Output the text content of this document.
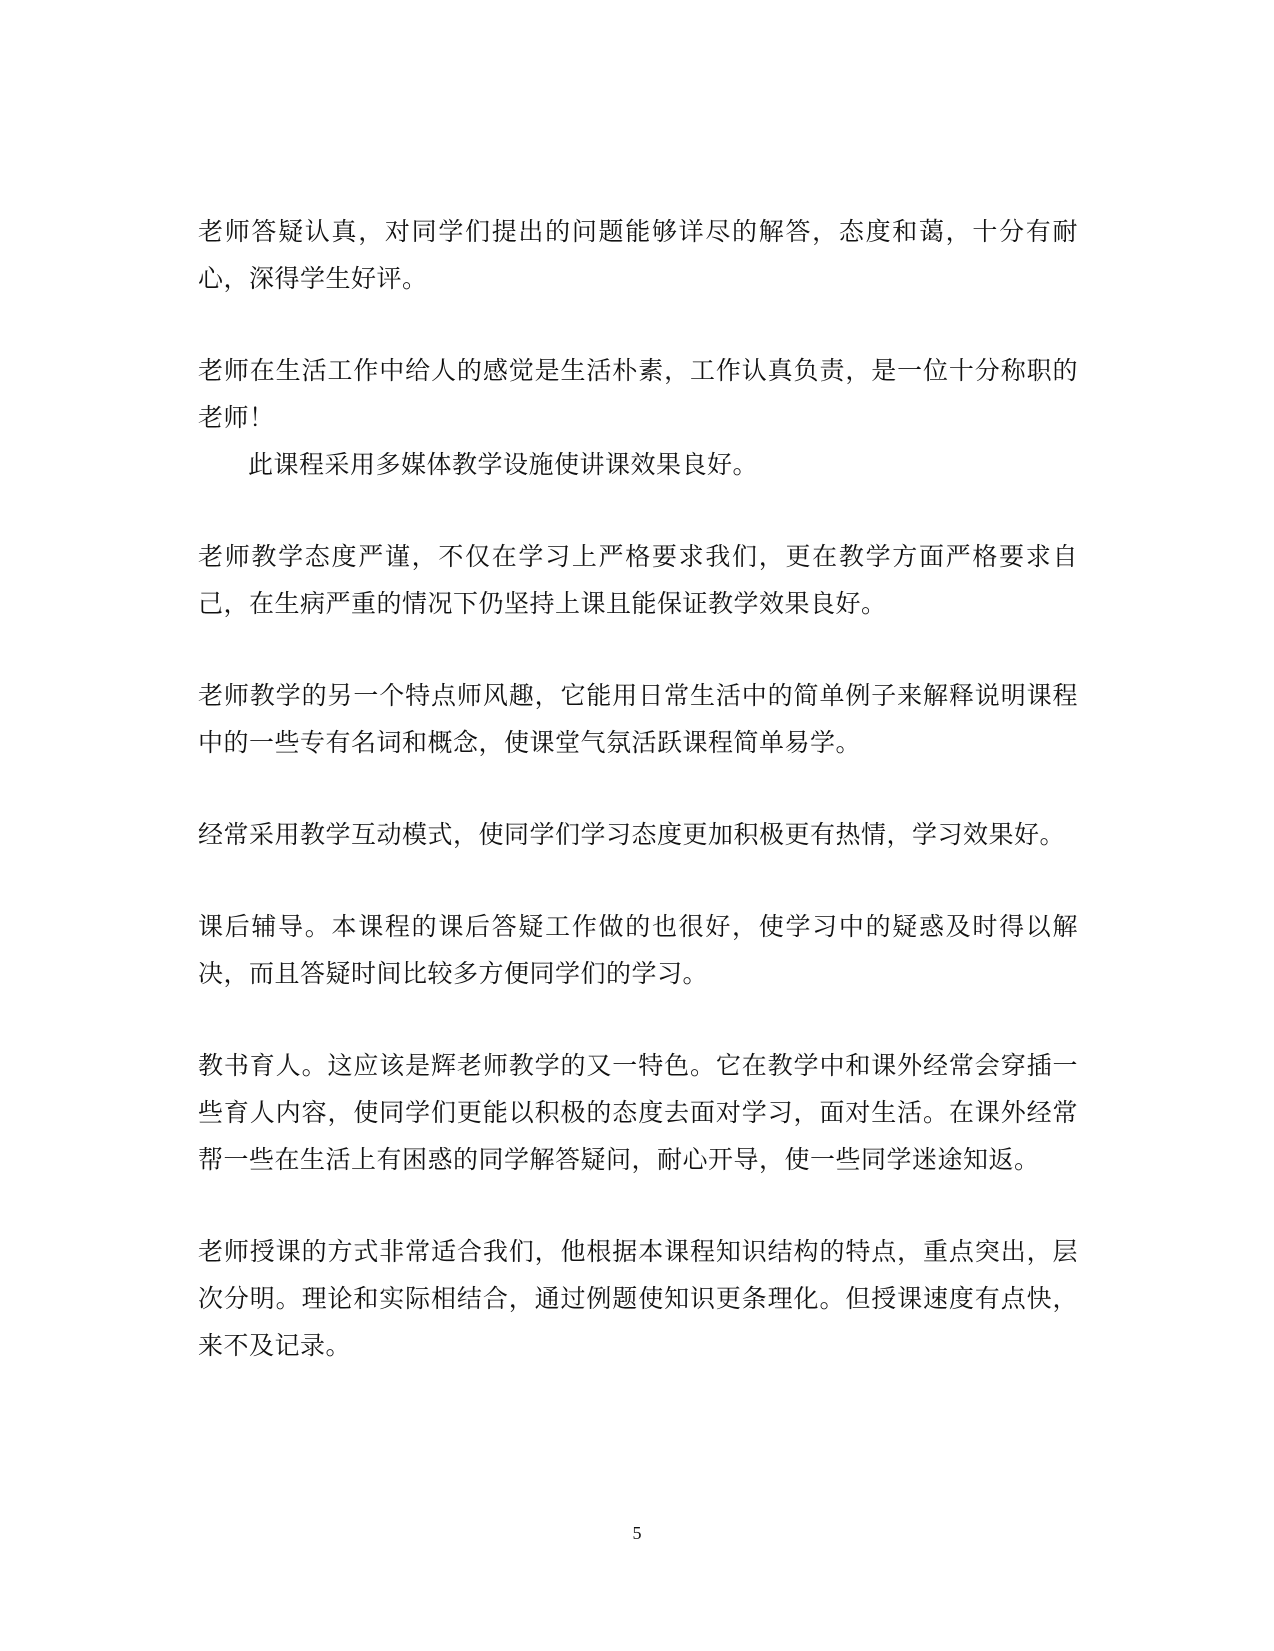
老师答疑认真，对同学们提出的问题能够详尽的解答，态度和蔼，十分有耐心，深得学生好评。

老师在生活工作中给人的感觉是生活朴素，工作认真负责，是一位十分称职的老师！

此课程采用多媒体教学设施使讲课效果良好。

老师教学态度严谨，不仅在学习上严格要求我们，更在教学方面严格要求自己，在生病严重的情况下仍坚持上课且能保证教学效果良好。

老师教学的另一个特点师风趣，它能用日常生活中的简单例子来解释说明课程中的一些专有名词和概念，使课堂气氛活跃课程简单易学。

经常采用教学互动模式，使同学们学习态度更加积极更有热情，学习效果好。

课后辅导。本课程的课后答疑工作做的也很好，使学习中的疑惑及时得以解决，而且答疑时间比较多方便同学们的学习。

教书育人。这应该是辉老师教学的又一特色。它在教学中和课外经常会穿插一些育人内容，使同学们更能以积极的态度去面对学习，面对生活。在课外经常帮一些在生活上有困惑的同学解答疑问，耐心开导，使一些同学迷途知返。

老师授课的方式非常适合我们，他根据本课程知识结构的特点，重点突出，层次分明。理论和实际相结合，通过例题使知识更条理化。但授课速度有点快，来不及记录。

5
